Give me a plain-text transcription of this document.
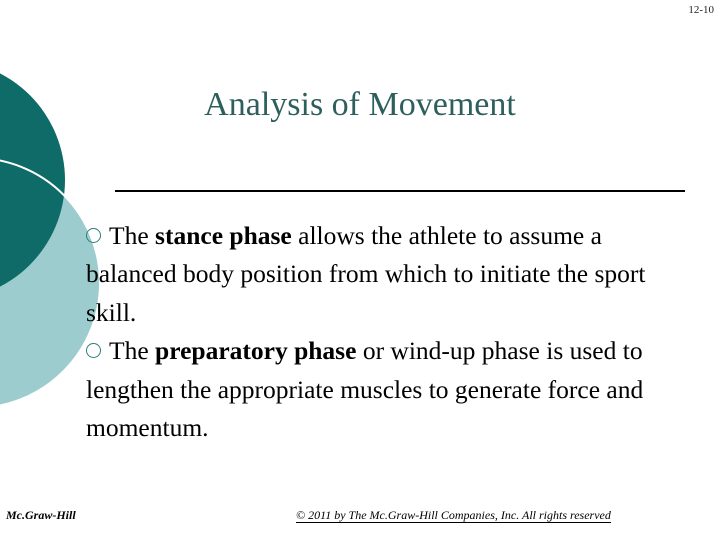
12-10
Analysis of Movement

The stance phase allows the athlete to assume a balanced body position from which to initiate the sport skill.

The preparatory phase or wind-up phase is used to lengthen the appropriate muscles to generate force and momentum.

Mc.Graw-Hill	© 2011 by The Mc.Graw-Hill Companies, Inc. All rights reserved
